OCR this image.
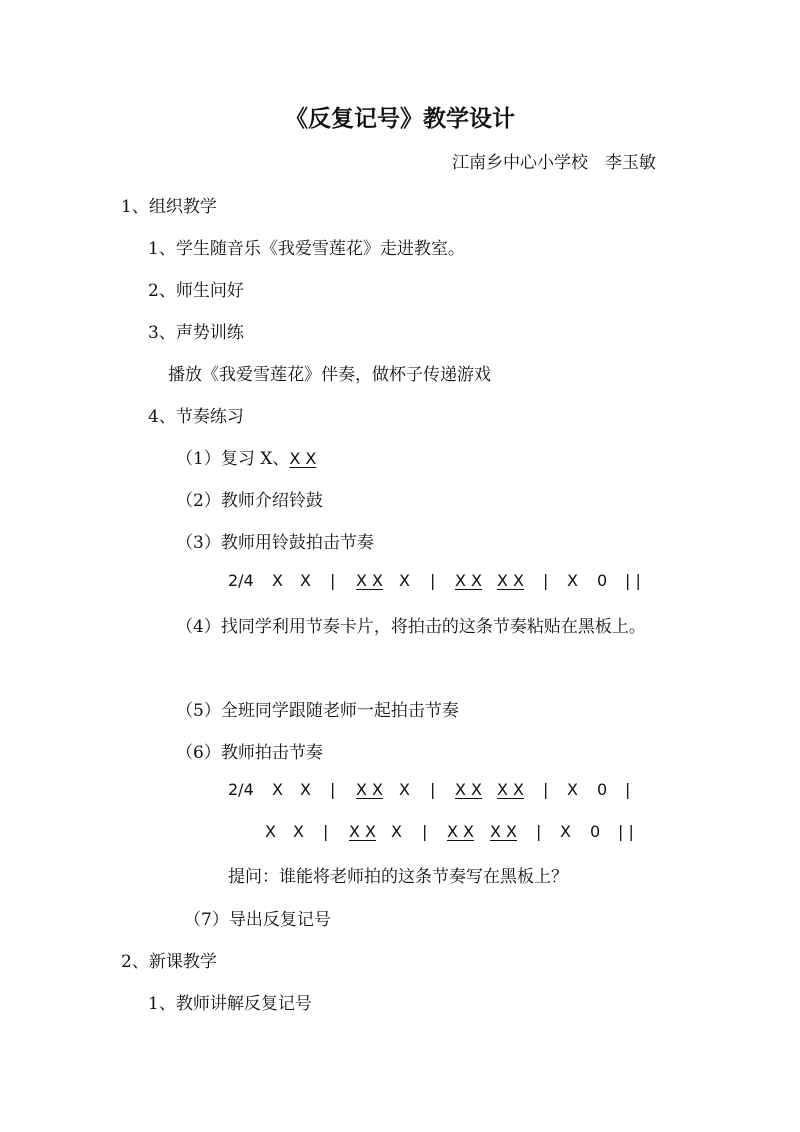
《反复记号》教学设计
江南乡中心小学校　李玉敏
1、组织教学
1、学生随音乐《我爱雪莲花》走进教室。
2、师生问好
3、声势训练
播放《我爱雪莲花》伴奏，做杯子传递游戏
4、节奏练习
（1）复习 X、X X
（2）教师介绍铃鼓
（3）教师用铃鼓拍击节奏
2/4 X X | X X X | X X X X | X 0 | |
（4）找同学利用节奏卡片，将拍击的这条节奏粘贴在黑板上。
（5）全班同学跟随老师一起拍击节奏
（6）教师拍击节奏
2/4 X X | X X X | X X X X | X 0 |
X X | X X X | X X X X | X 0 | |
提问：谁能将老师拍的这条节奏写在黑板上？
（7）导出反复记号
2、新课教学
1、教师讲解反复记号
